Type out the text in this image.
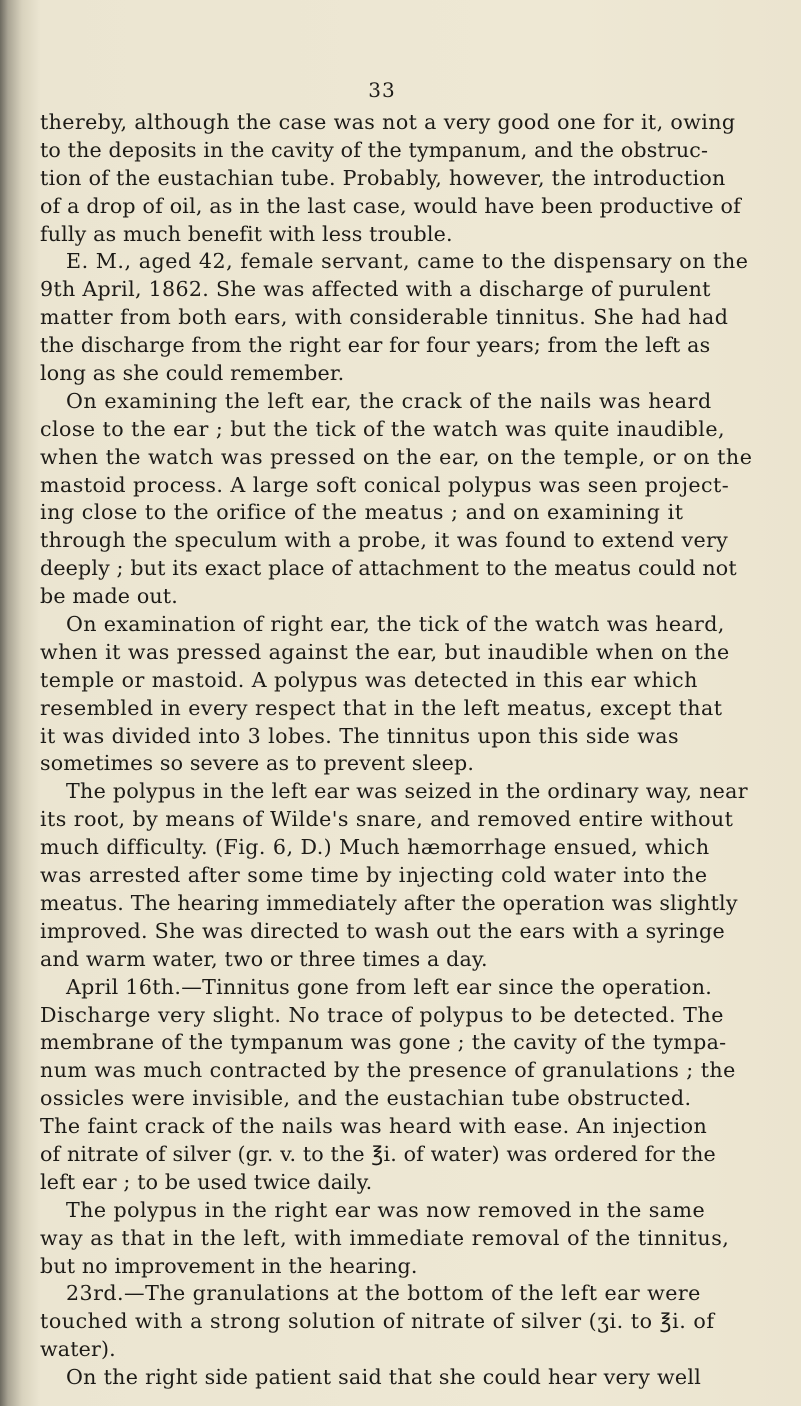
33
thereby, although the case was not a very good one for it, owing
to the deposits in the cavity of the tympanum, and the obstruc-
tion of the eustachian tube. Probably, however, the introduction
of a drop of oil, as in the last case, would have been productive of
fully as much benefit with less trouble.
E. M., aged 42, female servant, came to the dispensary on the
9th April, 1862. She was affected with a discharge of purulent
matter from both ears, with considerable tinnitus. She had had
the discharge from the right ear for four years; from the left as
long as she could remember.
On examining the left ear, the crack of the nails was heard
close to the ear ; but the tick of the watch was quite inaudible,
when the watch was pressed on the ear, on the temple, or on the
mastoid process. A large soft conical polypus was seen project-
ing close to the orifice of the meatus ; and on examining it
through the speculum with a probe, it was found to extend very
deeply ; but its exact place of attachment to the meatus could not
be made out.
On examination of right ear, the tick of the watch was heard,
when it was pressed against the ear, but inaudible when on the
temple or mastoid. A polypus was detected in this ear which
resembled in every respect that in the left meatus, except that
it was divided into 3 lobes. The tinnitus upon this side was
sometimes so severe as to prevent sleep.
The polypus in the left ear was seized in the ordinary way, near
its root, by means of Wilde's snare, and removed entire without
much difficulty. (Fig. 6, D.) Much hæmorrhage ensued, which
was arrested after some time by injecting cold water into the
meatus. The hearing immediately after the operation was slightly
improved. She was directed to wash out the ears with a syringe
and warm water, two or three times a day.
April 16th.—Tinnitus gone from left ear since the operation.
Discharge very slight. No trace of polypus to be detected. The
membrane of the tympanum was gone ; the cavity of the tympa-
num was much contracted by the presence of granulations ; the
ossicles were invisible, and the eustachian tube obstructed.
The faint crack of the nails was heard with ease. An injection
of nitrate of silver (gr. v. to the ℥i. of water) was ordered for the
left ear ; to be used twice daily.
The polypus in the right ear was now removed in the same
way as that in the left, with immediate removal of the tinnitus,
but no improvement in the hearing.
23rd.—The granulations at the bottom of the left ear were
touched with a strong solution of nitrate of silver (ʒi. to ℥i. of
water).
On the right side patient said that she could hear very well
